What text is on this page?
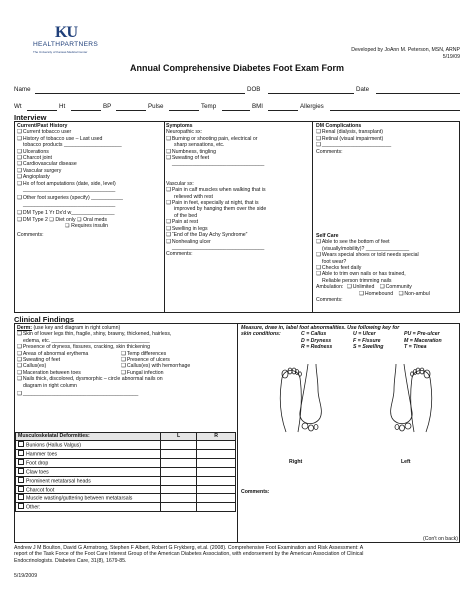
KU
HEALTHPARTNERS
The University of Kansas Medical Center	Developed by JoAnn M. Peterson, MSN, ARNP
5/19/09
Annual Comprehensive Diabetes Foot Exam Form
Name	DOB	Date
Wt	Ht	BP	Pulse	Temp	BMI	Allergies
Interview
Current/Past History
❑ Current tobacco user
❑ History of tobacco use – Last used
tobacco products ____________________
❑ Ulcerations
❑ Charcot joint
❑ Cardiovascular disease
❑ Vascular surgery
❑ Angioplasty
❑ Hx of foot amputations (date, side, level)
________________________________
❑ Other foot surgeries (specify) ___________
________________________________
❑ DM Type 1 Yr Dx'd w_______________
❑ DM Type 2 ❑ Diet only ❑ Oral meds
❑ Requires insulin
Comments:
Symptoms
Neuropathic sx:
❑ Burning or shooting pain, electrical or
sharp sensations, etc.
❑ Numbness, tingling
❑ Sweating of feet
________________________________
Vascular sx:
❑ Pain in calf muscles when walking that is
relieved with rest
❑ Pain in feet, especially at night, that is
improved by hanging them over the side
of the bed
❑ Pain at rest
❑ Swelling in legs
❑ “End of the Day Achy Syndrome”
❑ Nonhealing ulcer
________________________________
Comments:
DM Complications
❑ Renal (dialysis, transplant)
❑ Retinal (visual impairment)
❑ ________________________
Comments:
Self Care
❑ Able to see the bottom of feet
(visually/mobility)? _______________
❑ Wears special shoes or told needs special
foot wear?
❑ Checks feet daily
❑ Able to trim own nails or has trained,
Reliable person trimming nails
Ambulation: ❑ Unlimited ❑ Community
❑ Homebound ❑ Non-ambul
Comments:
Clinical Findings
Derm: (use key and diagram in right column)
❑ Skin of lower legs thin, fragile, shiny, brawny, thickened, hairless,
edema, etc. __________________________________
❑ Presence of dryness, fissures, cracking, skin thickening
❑ Areas of abnormal erythema	❑ Temp differences
❑ Sweating of feet	❑ Presence of ulcers
❑ Callus(es)	❑ Callus(es) with hemorrhage
❑ Maceration between toes	❑ Fungal infection
❑ Nails thick, discolored, dysmorphic – circle abnormal nails on
diagram in right column
❑ ________________________________________
Musculoskelatal Deformities:	L	R
Bunions (Hallus Valgus)		
Hammer toes		
Foot drop		
Claw toes		
Prominent metatarsal heads		
Charcot foot		
Muscle wasting/guttering between metatarsals		
Other:		
Measure, draw in, label foot abnormalities. Use following key for
skin conditions:	C = Callus	U = Ulcer	PU = Pre-ulcer
D = Dryness	F = Fissure	M = Maceration
R = Redness	S = Swelling	T = Tinea
Right	Left
Comments:
(Con't on back)
Andrew J M Boulton, David G Armstrong, Stephen F Albert, Robert G Frykberg, et.al. (2008). Comprehensive Foot Examination and Risk Assessment: A
report of the Task Force of the Foot Care Interest Group of the American Diabetes Association, with endorsement by the American Association of Clinical
Endocrinologists. Diabetes Care, 31(8), 1679-85.
5/19/2009
